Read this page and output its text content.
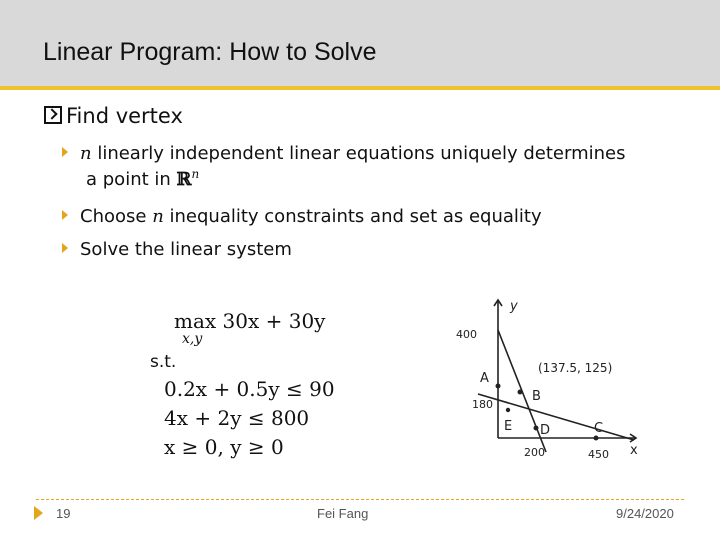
Linear Program: How to Solve
Find vertex
n linearly independent linear equations uniquely determines
a point in ℝ$^n$
Choose n inequality constraints and set as equality
Solve the linear system
max 30x + 30y
x,y
s.t.
0.2x + 0.5y ≤ 90
4x + 2y ≤ 800
x ≥ 0, y ≥ 0
y
x
400
180
200	450
A
B
C
D
E
(137.5, 125)
19	Fei Fang	9/24/2020
